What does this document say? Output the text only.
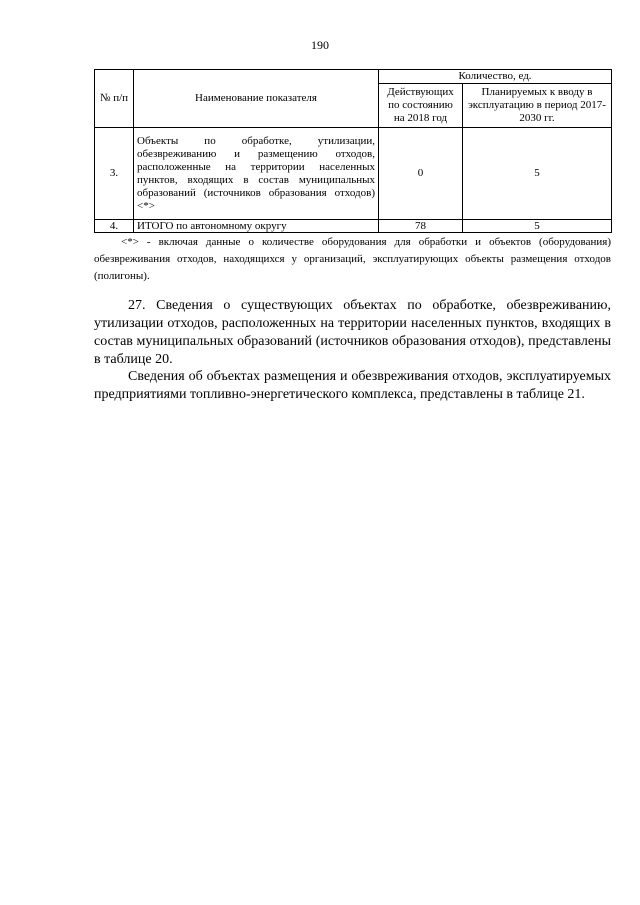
190
№ п/п	Наименование показателя	Количество, ед.	
		Действующих по состоянию на 2018 год	Планируемых к вводу в эксплуатацию в период 2017-2030 гг.
3.	Объекты по обработке, утилизации, обезвреживанию и размещению отходов, расположенные на территории населенных пунктов, входящих в состав муниципальных образований (источников образования отходов)<*>	0	5
4.	ИТОГО по автономному округу	78	5

<*> - включая данные о количестве оборудования для обработки и объектов (оборудования) обезвреживания отходов, находящихся у организаций, эксплуатирующих объекты размещения отходов (полигоны).

27. Сведения о существующих объектах по обработке, обезвреживанию, утилизации отходов, расположенных на территории населенных пунктов, входящих в состав муниципальных образований (источников образования отходов), представлены в таблице 20.

Сведения об объектах размещения и обезвреживания отходов, эксплуатируемых предприятиями топливно-энергетического комплекса, представлены в таблице 21.
